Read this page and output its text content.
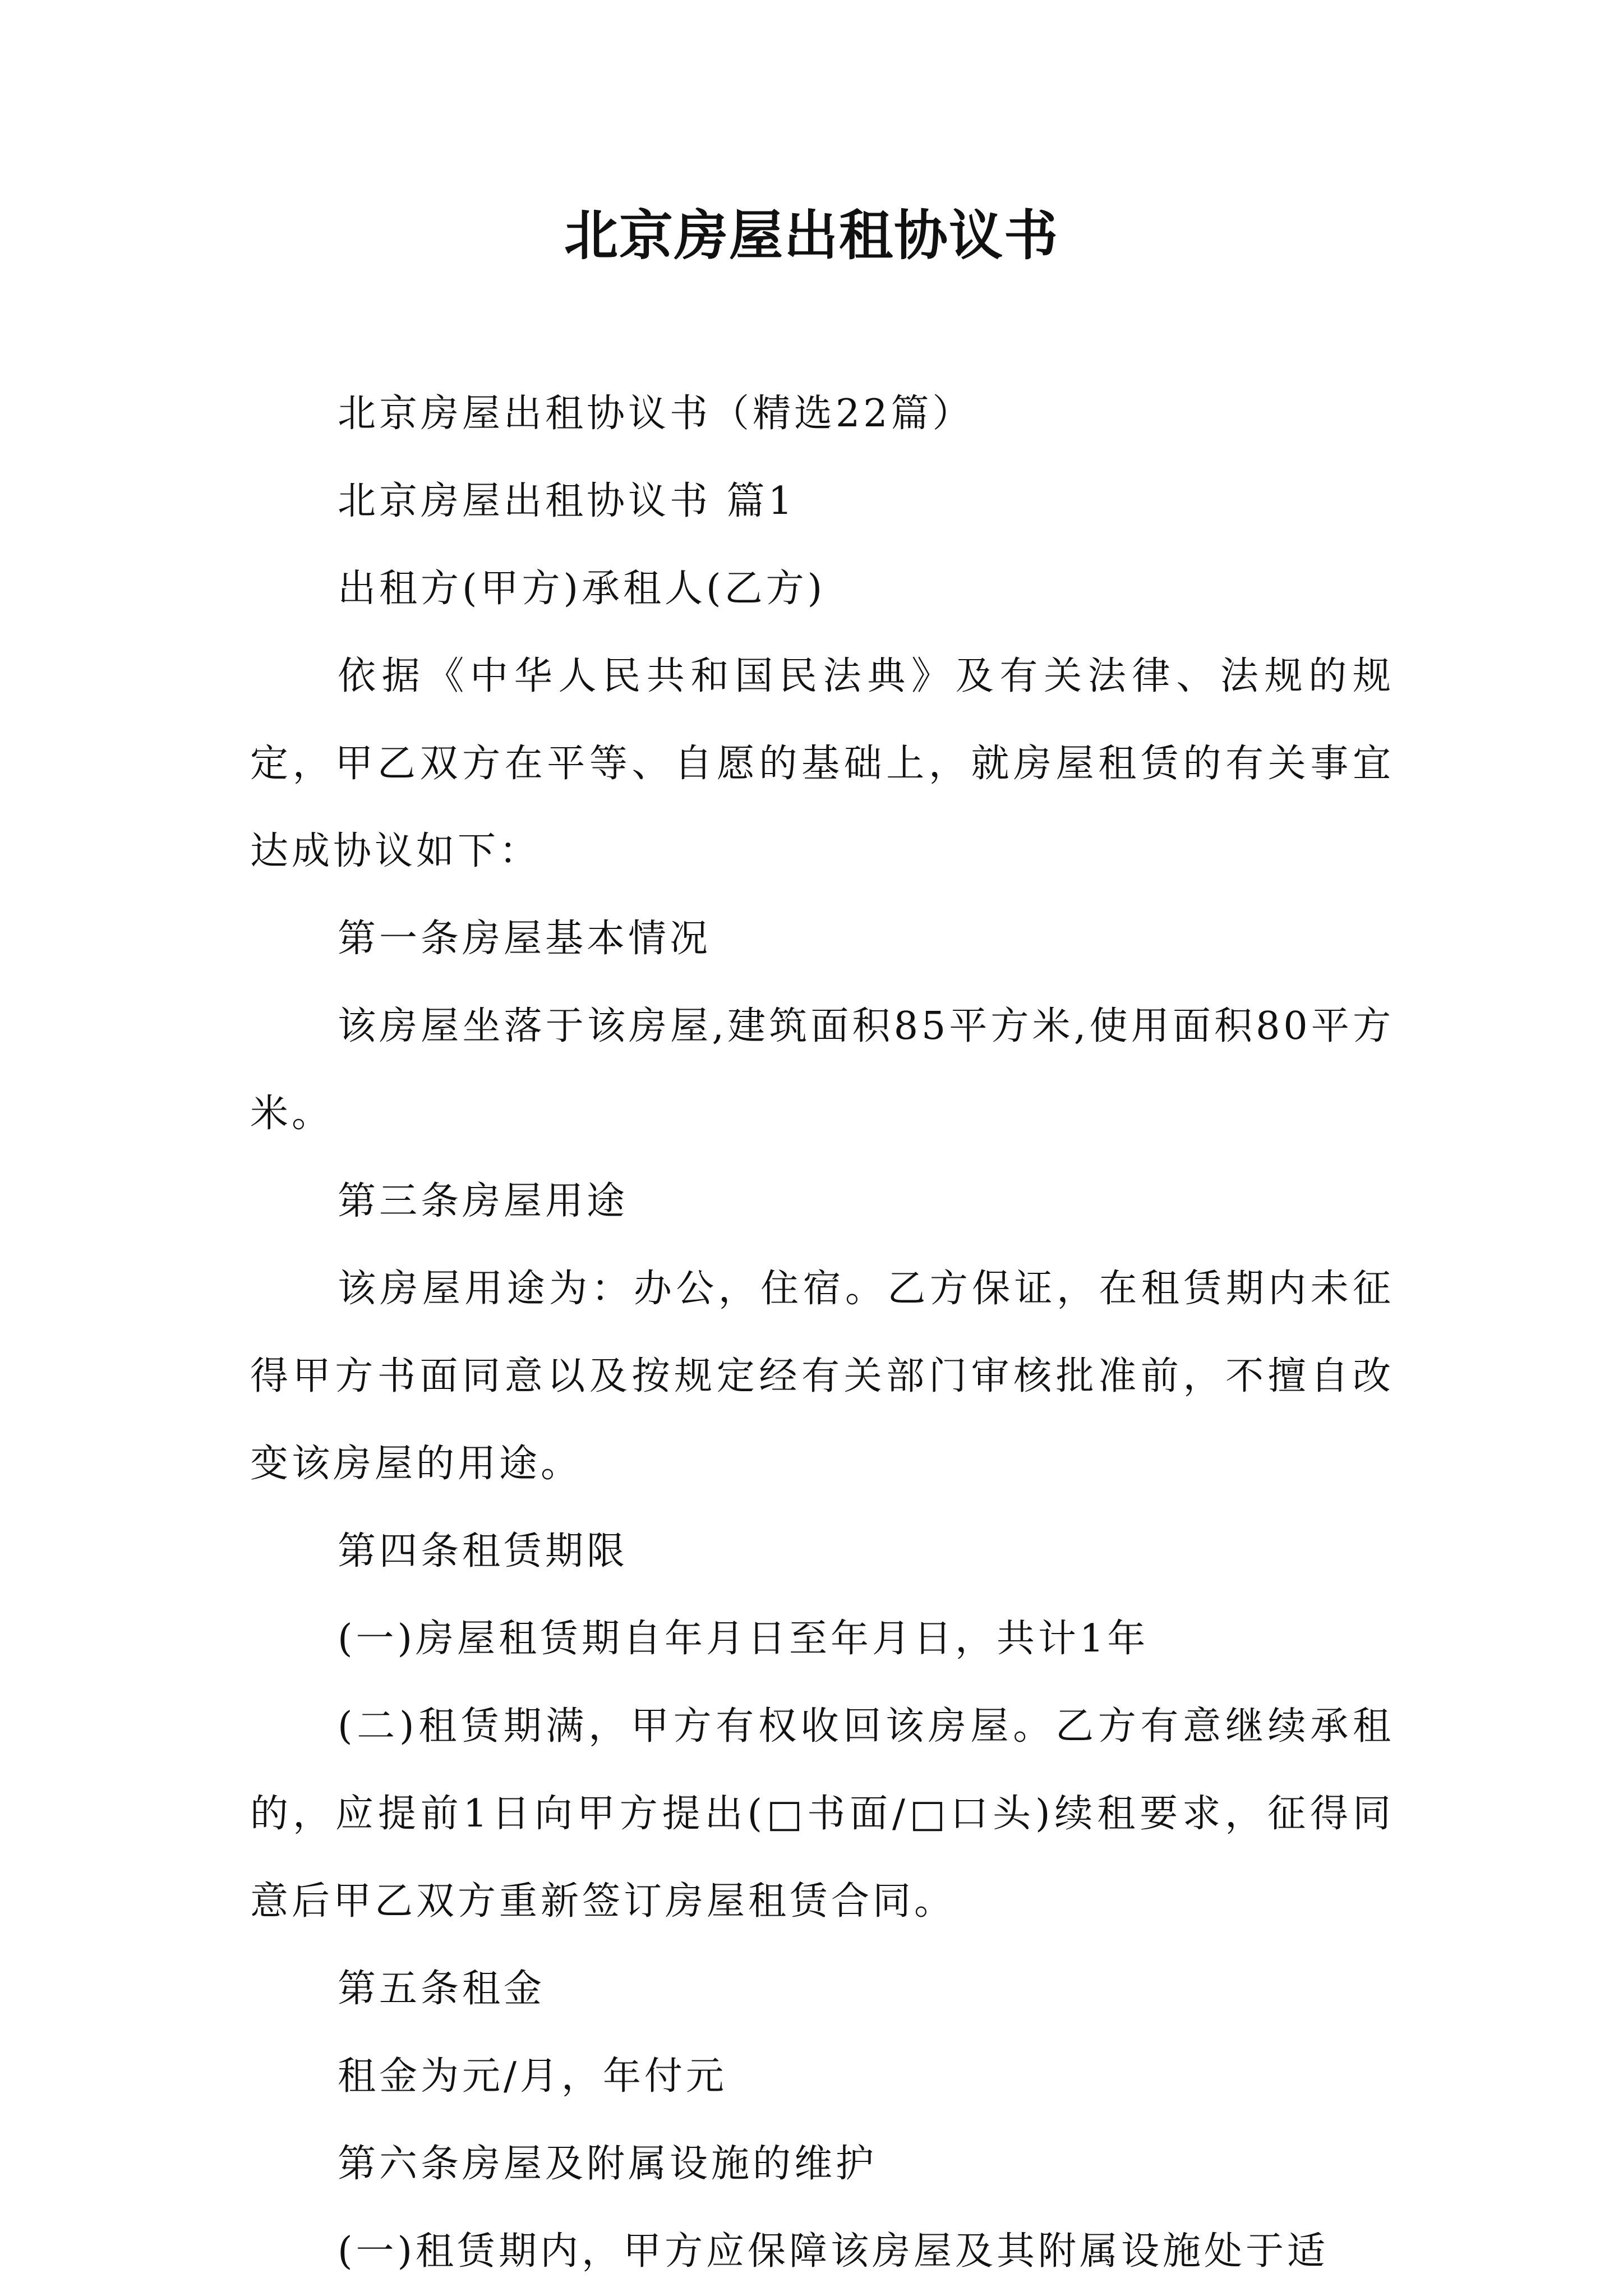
北京房屋出租协议书

北京房屋出租协议书（精选22篇）

北京房屋出租协议书 篇1

出租方(甲方)承租人(乙方)

依据《中华人民共和国民法典》及有关法律、法规的规定，甲乙双方在平等、自愿的基础上，就房屋租赁的有关事宜达成协议如下：

第一条房屋基本情况

该房屋坐落于该房屋,建筑面积85平方米,使用面积80平方米。

第三条房屋用途

该房屋用途为：办公，住宿。乙方保证，在租赁期内未征得甲方书面同意以及按规定经有关部门审核批准前，不擅自改变该房屋的用途。

第四条租赁期限

(一)房屋租赁期自年月日至年月日，共计1年

(二)租赁期满，甲方有权收回该房屋。乙方有意继续承租的，应提前1日向甲方提出(□书面/□口头)续租要求，征得同意后甲乙双方重新签订房屋租赁合同。

第五条租金

租金为元/月，年付元

第六条房屋及附属设施的维护

(一)租赁期内，甲方应保障该房屋及其附属设施处于适
